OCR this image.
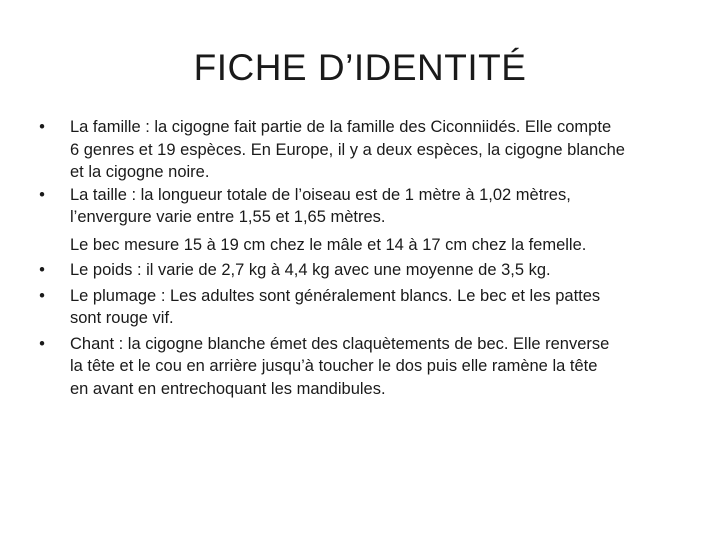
FICHE D’IDENTITÉ
• La famille : la cigogne fait partie de la famille des Ciconniidés. Elle compte
6 genres et 19 espèces. En Europe, il y a deux espèces, la cigogne blanche
et la cigogne noire.
• La taille : la longueur totale de l’oiseau est de 1 mètre à 1,02 mètres,
l’envergure varie entre 1,55 et 1,65 mètres.
Le bec mesure 15 à 19 cm chez le mâle et 14 à 17 cm chez la femelle.
• Le poids : il varie de 2,7 kg à 4,4 kg avec une moyenne de 3,5 kg.
• Le plumage : Les adultes sont généralement blancs. Le bec et les pattes
sont rouge vif.
• Chant : la cigogne blanche émet des claquètements de bec. Elle renverse
la tête et le cou en arrière jusqu’à toucher le dos puis elle ramène la tête
en avant en entrechoquant les mandibules.
